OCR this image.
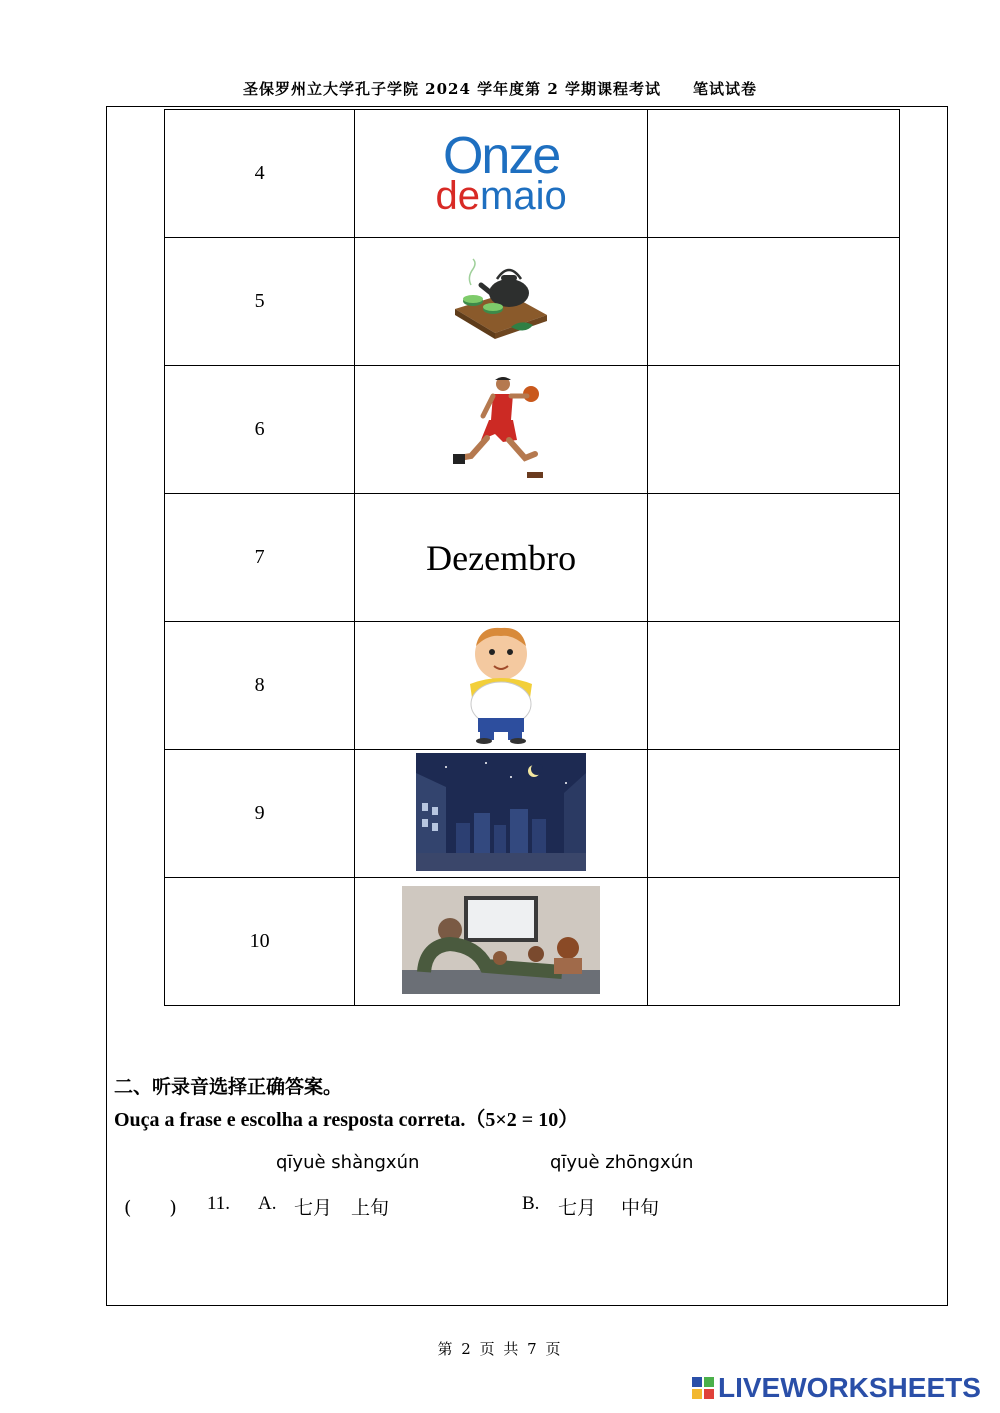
圣保罗州立大学孔子学院 2024 学年度第 2 学期课程考试　　笔试试卷
4	Onze
demaio	
5		
6		
7	Dezembro	
8		
9		
10		
二、听录音选择正确答案。
Ouça a frase e escolha a resposta correta.（5×2 = 10）
qīyuè shàngxún	qīyuè zhōngxún
(　　) 11. A. 七月　上旬	B. 七月　 中旬
第 2 页 共 7 页
LIVEWORKSHEETS
